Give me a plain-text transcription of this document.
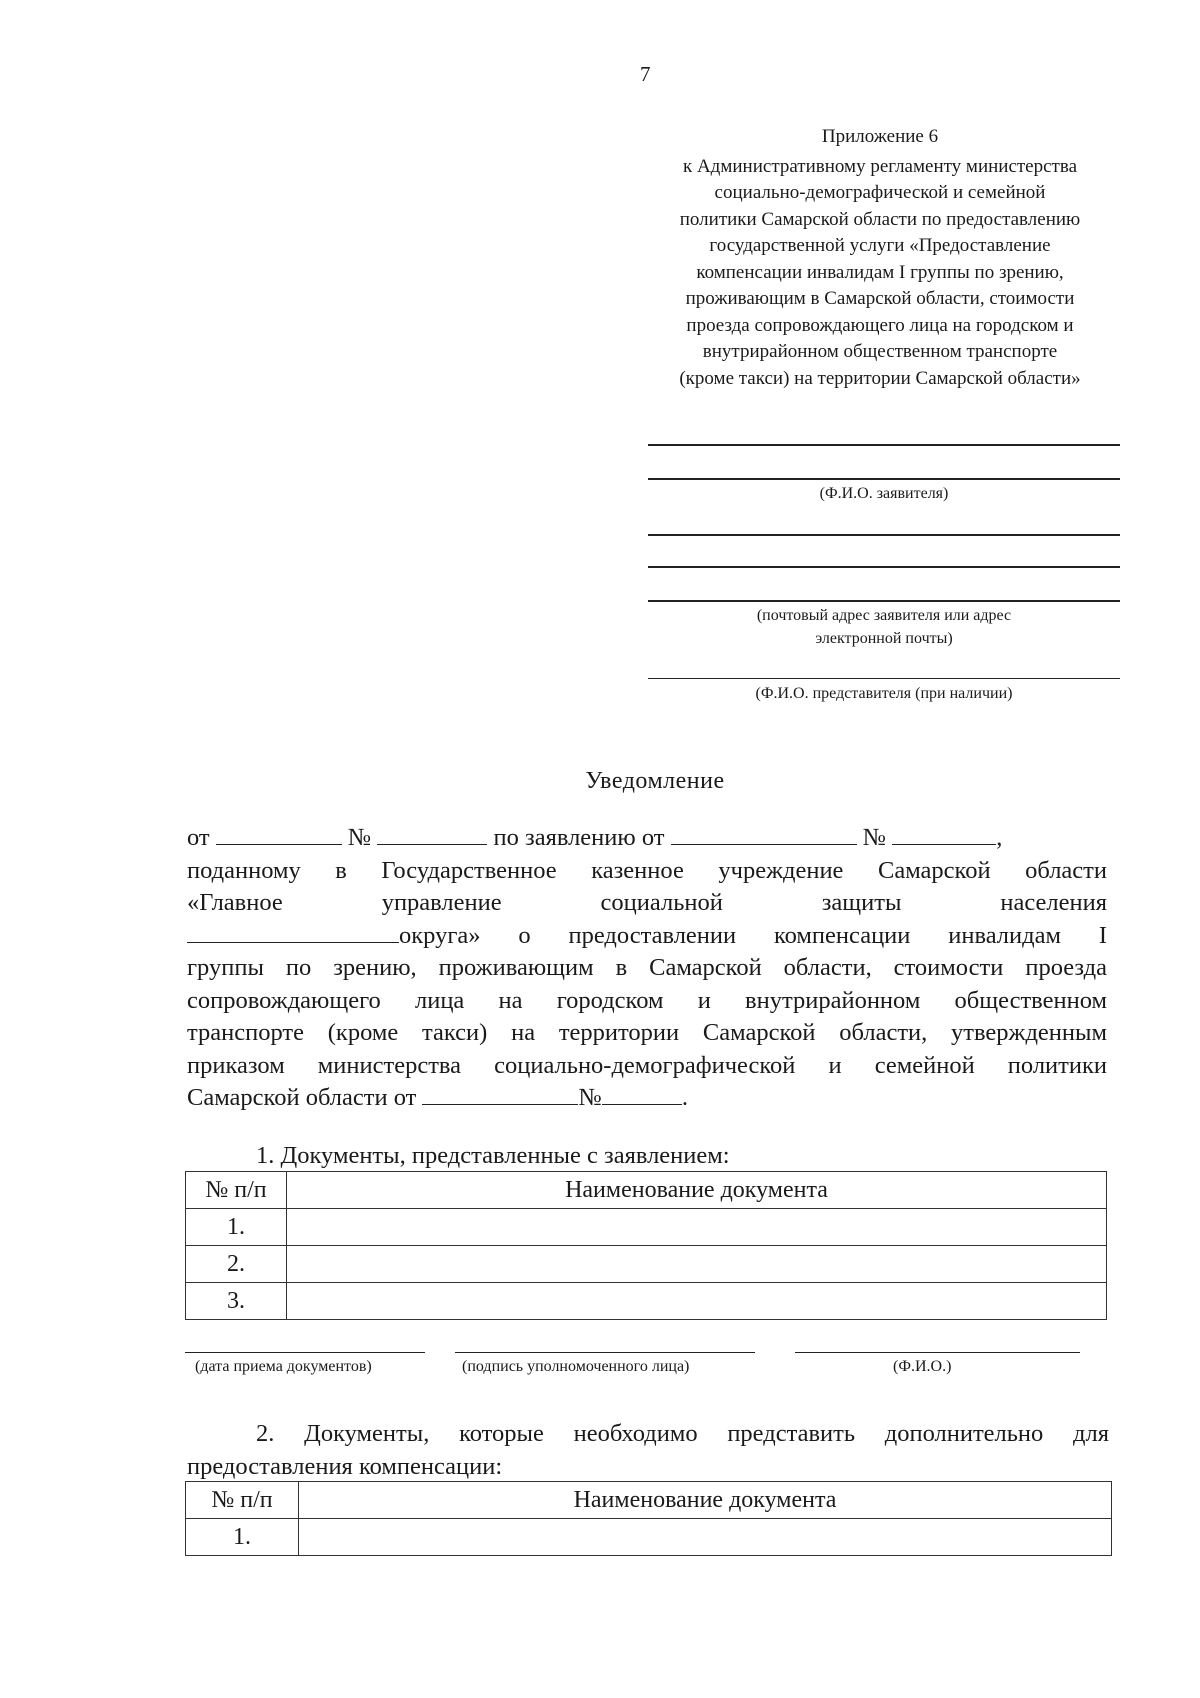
7
Приложение 6
к Административному регламенту министерства
социально-демографической и семейной
политики Самарской области по предоставлению
государственной услуги «Предоставление
компенсации инвалидам I группы по зрению,
проживающим в Самарской области, стоимости
проезда сопровождающего лица на городском и
внутрирайонном общественном транспорте
(кроме такси) на территории Самарской области»
(Ф.И.О. заявителя)
(почтовый адрес заявителя или адрес
электронной почты)
(Ф.И.О. представителя (при наличии)
Уведомление
от	№	по заявлению от	№	,
поданному в Государственное казенное учреждение Самарской области
«Главное	управление	социальной	защиты	населения
округа» о предоставлении компенсации инвалидам I
группы по зрению, проживающим в Самарской области, стоимости проезда
сопровождающего лица на городском и внутрирайонном общественном
транспорте (кроме такси) на территории Самарской области, утвержденным
приказом министерства социально-демографической и семейной политики
Самарской области от	№	.
1. Документы, представленные с заявлением:
№ п/п	Наименование документа
1.	
2.	
3.	
(дата приема документов)	(подпись уполномоченного лица)	(Ф.И.О.)
2. Документы, которые необходимо представить дополнительно для
предоставления компенсации:
№ п/п	Наименование документа
1.	
